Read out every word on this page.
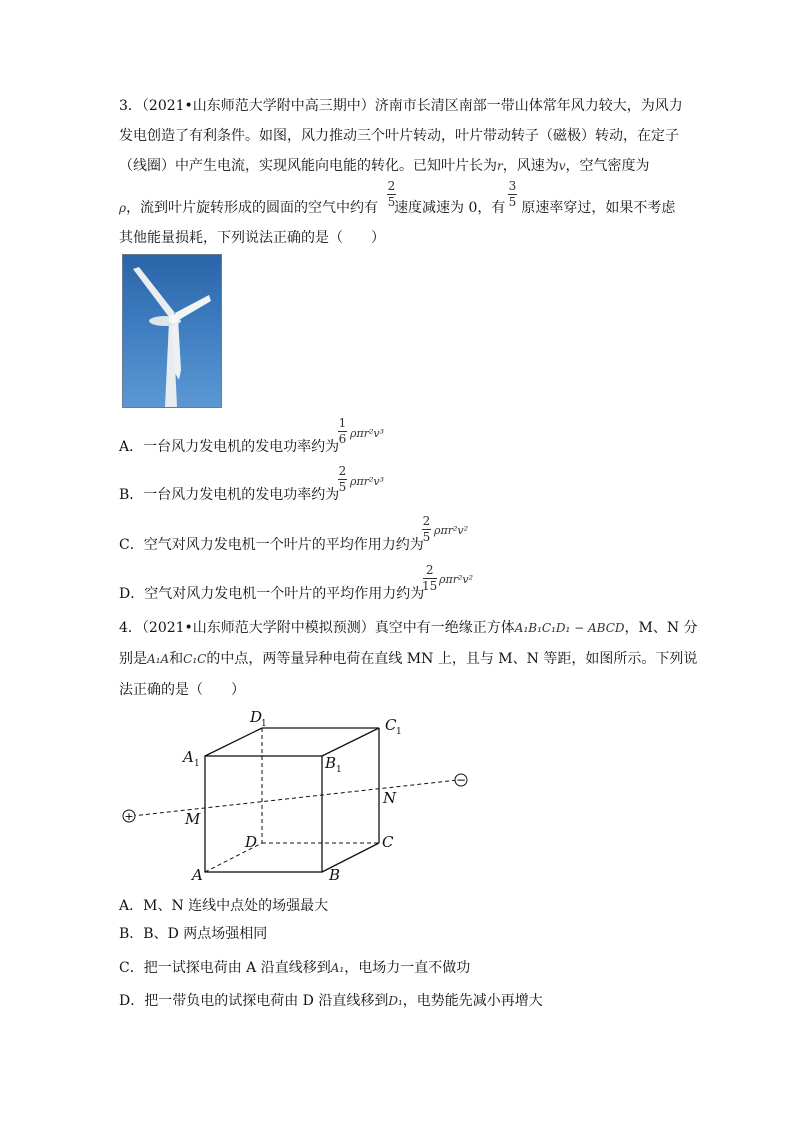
3．（2021•山东师范大学附中高三期中）济南市长清区南部一带山体常年风力较大，为风力
发电创造了有利条件。如图，风力推动三个叶片转动，叶片带动转子（磁极）转动，在定子
（线圈）中产生电流，实现风能向电能的转化。已知叶片长为r，风速为v，空气密度为
ρ，流到叶片旋转形成的圆面的空气中约有 速度减速为 0，有 原速率穿过，如果不考虑
2
5
3
5
其他能量损耗，下列说法正确的是（　　）
A．一台风力发电机的发电功率约为
1
6 ρπr²v³
B．一台风力发电机的发电功率约为
2
5 ρπr²v³
C．空气对风力发电机一个叶片的平均作用力约为
2
5 ρπr²v²
D．空气对风力发电机一个叶片的平均作用力约为
2
15 ρπr²v²
4．（2021•山东师范大学附中模拟预测）真空中有一绝缘正方体A₁B₁C₁D₁ − ABCD，M、N 分
别是A₁A和C₁C的中点，两等量异种电荷在直线 MN 上，且与 M、N 等距，如图所示。下列说
法正确的是（　　）
+
−
D
1	C 1
A 1	B 1
M
N
D	C
A	B
A．M、N 连线中点处的场强最大
B．B、D 两点场强相同
C．把一试探电荷由 A 沿直线移到A₁，电场力一直不做功
D．把一带负电的试探电荷由 D 沿直线移到D₁，电势能先减小再增大
